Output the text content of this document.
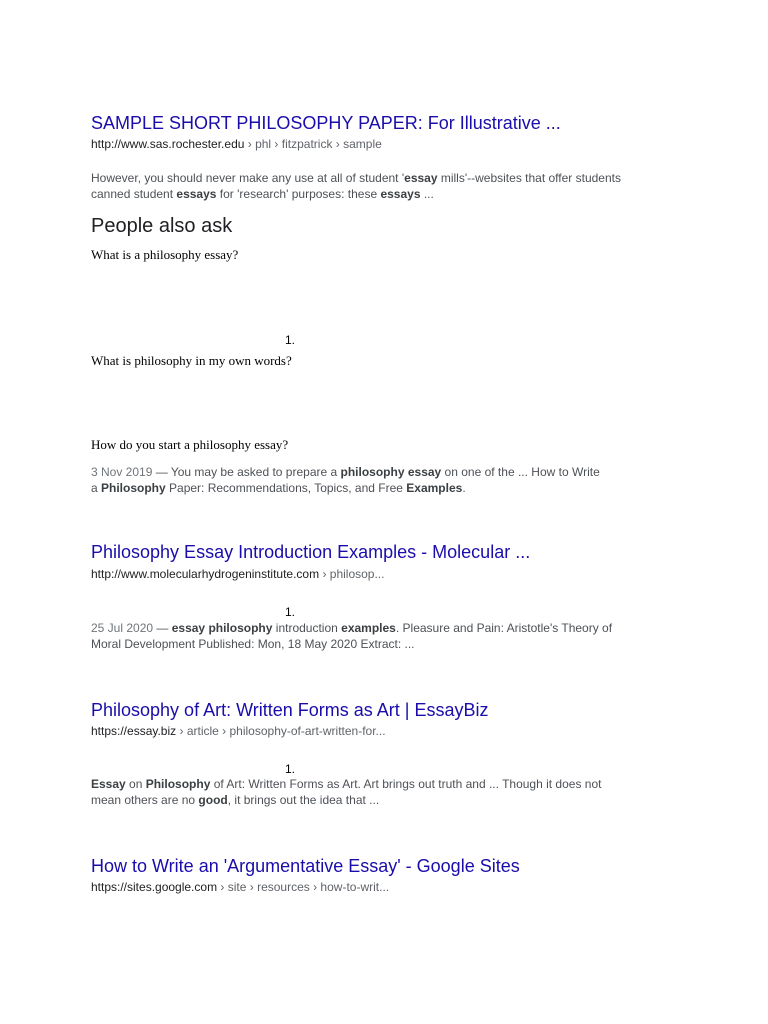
SAMPLE SHORT PHILOSOPHY PAPER: For Illustrative ...
http://www.sas.rochester.edu › phl › fitzpatrick › sample
However, you should never make any use at all of student 'essay mills'--websites that offer students
canned student essays for 'research' purposes: these essays ...
People also ask
What is a philosophy essay?
1.
What is philosophy in my own words?
How do you start a philosophy essay?
3 Nov 2019 — You may be asked to prepare a philosophy essay on one of the ... How to Write
a Philosophy Paper: Recommendations, Topics, and Free Examples.
Philosophy Essay Introduction Examples - Molecular ...
http://www.molecularhydrogeninstitute.com › philosop...
1.
25 Jul 2020 — essay philosophy introduction examples. Pleasure and Pain: Aristotle's Theory of
Moral Development Published: Mon, 18 May 2020 Extract: ...
Philosophy of Art: Written Forms as Art | EssayBiz
https://essay.biz › article › philosophy-of-art-written-for...
1.
Essay on Philosophy of Art: Written Forms as Art. Art brings out truth and ... Though it does not
mean others are no good, it brings out the idea that ...
How to Write an 'Argumentative Essay' - Google Sites
https://sites.google.com › site › resources › how-to-writ...
